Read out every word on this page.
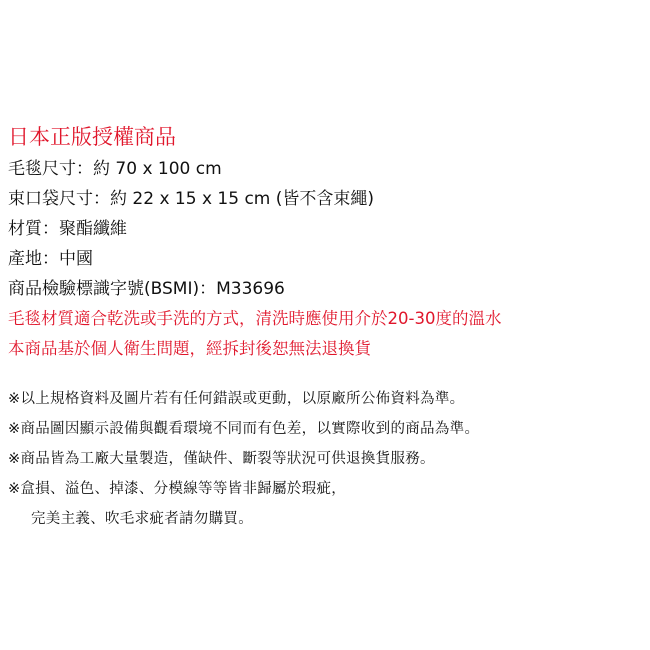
日本正版授權商品
毛毯尺寸：約 70 x 100 cm
束口袋尺寸：約 22 x 15 x 15 cm (皆不含束繩)
材質：聚酯纖維
產地：中國
商品檢驗標識字號(BSMI)：M33696
毛毯材質適合乾洗或手洗的方式，清洗時應使用介於20-30度的溫水
本商品基於個人衛生問題，經拆封後恕無法退換貨
※以上規格資料及圖片若有任何錯誤或更動，以原廠所公佈資料為準。
※商品圖因顯示設備與觀看環境不同而有色差，以實際收到的商品為準。
※商品皆為工廠大量製造，僅缺件、斷裂等狀況可供退換貨服務。
※盒損、溢色、掉漆、分模線等等皆非歸屬於瑕疵，
完美主義、吹毛求疵者請勿購買。
